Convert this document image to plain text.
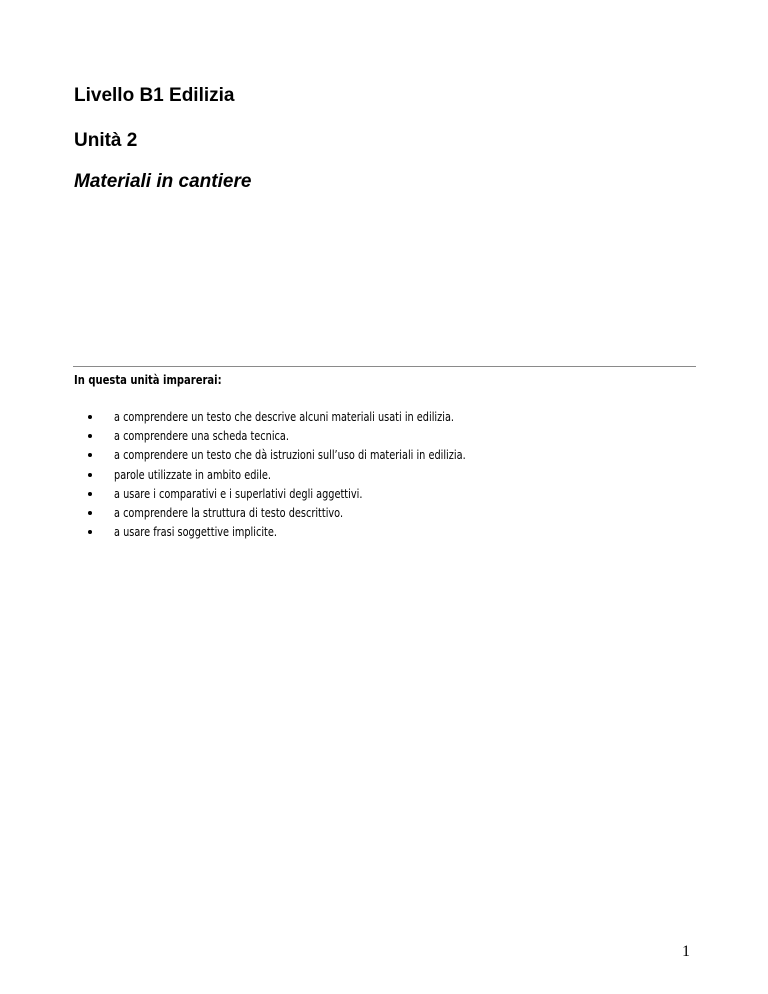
Livello B1 Edilizia
Unità 2
Materiali in cantiere
In questa unità imparerai:
a comprendere un testo che descrive alcuni materiali usati in edilizia.
a comprendere una scheda tecnica.
a comprendere un testo che dà istruzioni sull’uso di materiali in edilizia.
parole utilizzate in ambito edile.
a usare i comparativi e i superlativi degli aggettivi.
a comprendere la struttura di testo descrittivo.
a usare frasi soggettive implicite.
1
